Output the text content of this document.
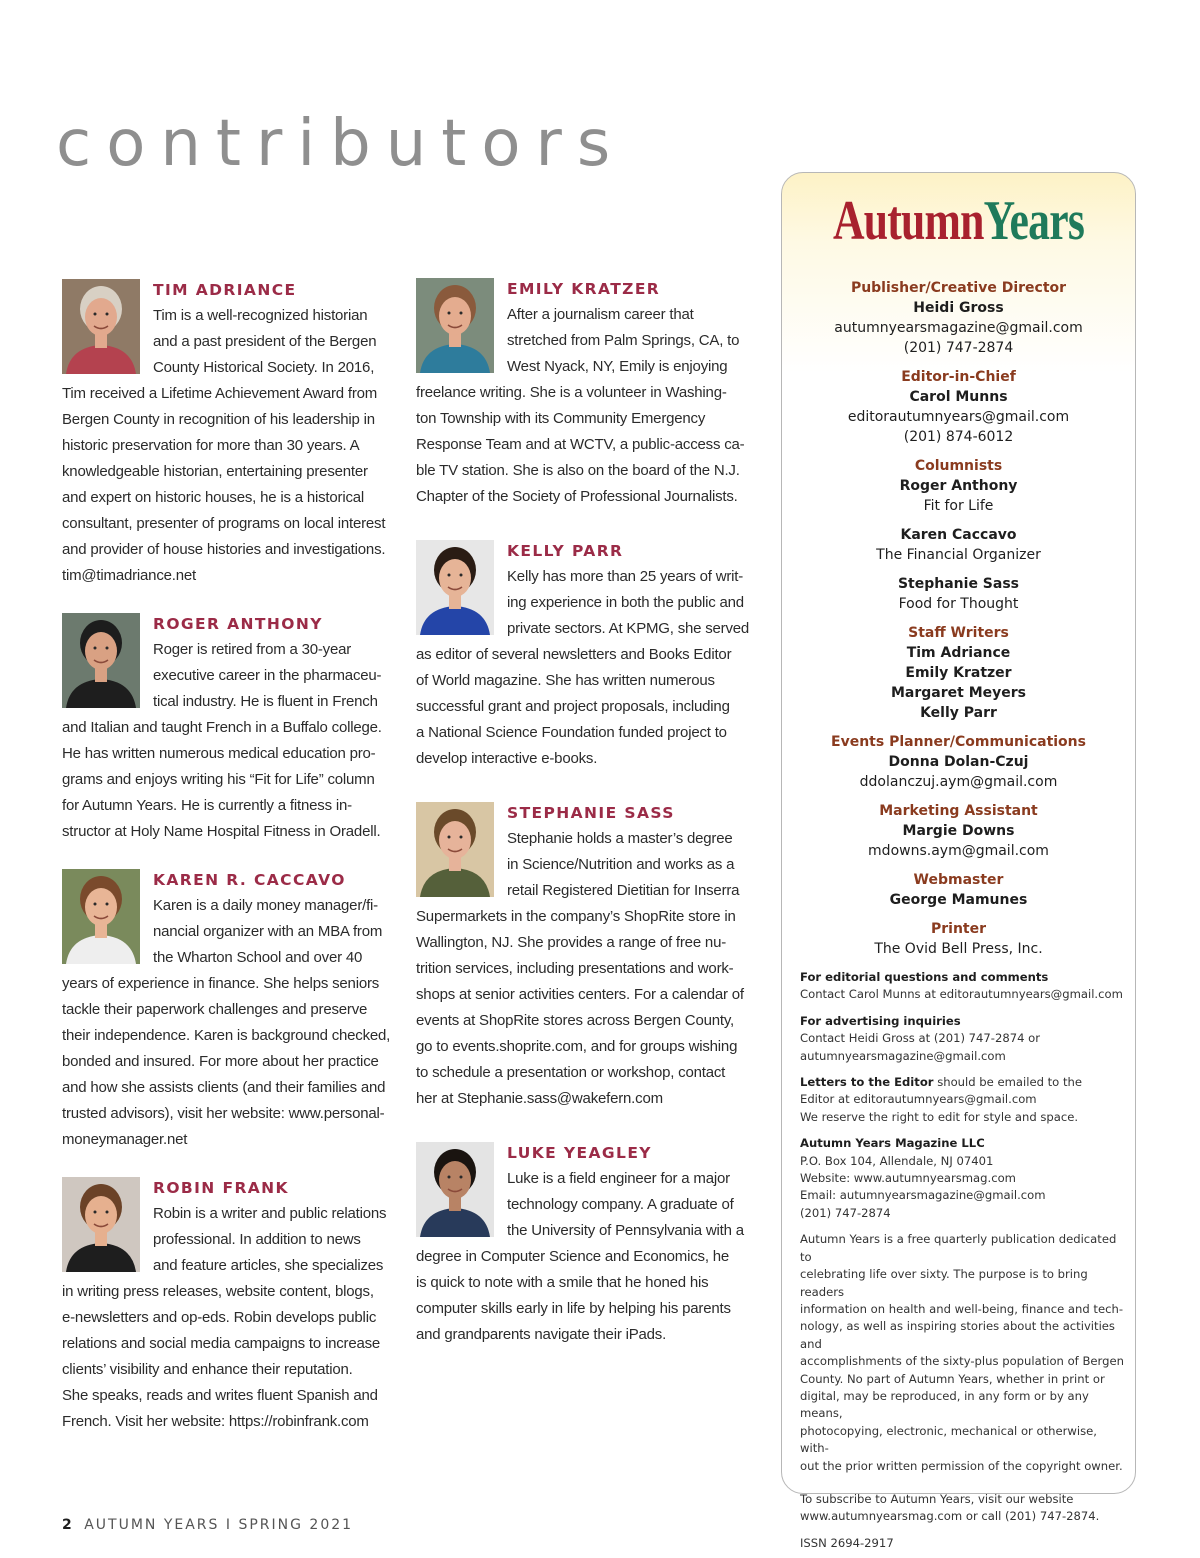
contributors
TIM ADRIANCE

Tim is a well-recognized historian
and a past president of the Bergen
County Historical Society. In 2016,
Tim received a Lifetime Achievement Award from
Bergen County in recognition of his leadership in
historic preservation for more than 30 years. A
knowledgeable historian, entertaining presenter
and expert on historic houses, he is a historical
consultant, presenter of programs on local interest
and provider of house histories and investigations.
tim@timadriance.net

ROGER ANTHONY

Roger is retired from a 30-year
executive career in the pharmaceu-
tical industry. He is fluent in French
and Italian and taught French in a Buffalo college.
He has written numerous medical education pro-
grams and enjoys writing his “Fit for Life” column
for Autumn Years. He is currently a fitness in-
structor at Holy Name Hospital Fitness in Oradell.

KAREN R. CACCAVO

Karen is a daily money manager/fi-
nancial organizer with an MBA from
the Wharton School and over 40
years of experience in finance. She helps seniors
tackle their paperwork challenges and preserve
their independence. Karen is background checked,
bonded and insured. For more about her practice
and how she assists clients (and their families and
trusted advisors), visit her website: www.personal-
moneymanager.net

ROBIN FRANK

Robin is a writer and public relations
professional. In addition to news
and feature articles, she specializes
in writing press releases, website content, blogs,
e-newsletters and op-eds. Robin develops public
relations and social media campaigns to increase
clients’ visibility and enhance their reputation.
She speaks, reads and writes fluent Spanish and
French. Visit her website: https://robinfrank.com

EMILY KRATZER

After a journalism career that
stretched from Palm Springs, CA, to
West Nyack, NY, Emily is enjoying
freelance writing. She is a volunteer in Washing-
ton Township with its Community Emergency
Response Team and at WCTV, a public-access ca-
ble TV station. She is also on the board of the N.J.
Chapter of the Society of Professional Journalists.

KELLY PARR

Kelly has more than 25 years of writ-
ing experience in both the public and
private sectors. At KPMG, she served
as editor of several newsletters and Books Editor
of World magazine. She has written numerous
successful grant and project proposals, including
a National Science Foundation funded project to
develop interactive e-books.

STEPHANIE SASS

Stephanie holds a master’s degree
in Science/Nutrition and works as a
retail Registered Dietitian for Inserra
Supermarkets in the company’s ShopRite store in
Wallington, NJ. She provides a range of free nu-
trition services, including presentations and work-
shops at senior activities centers. For a calendar of
events at ShopRite stores across Bergen County,
go to events.shoprite.com, and for groups wishing
to schedule a presentation or workshop, contact
her at Stephanie.sass@wakefern.com

LUKE YEAGLEY

Luke is a field engineer for a major
technology company. A graduate of
the University of Pennsylvania with a
degree in Computer Science and Economics, he
is quick to note with a smile that he honed his
computer skills early in life by helping his parents
and grandparents navigate their iPads.

AutumnYears
Publisher/Creative Director
Heidi Gross
autumnyearsmagazine@gmail.com
(201) 747-2874
Editor-in-Chief
Carol Munns
editorautumnyears@gmail.com
(201) 874-6012
Columnists
Roger Anthony
Fit for Life
Karen Caccavo
The Financial Organizer
Stephanie Sass
Food for Thought
Staff Writers
Tim Adriance
Emily Kratzer
Margaret Meyers
Kelly Parr
Events Planner/Communications
Donna Dolan-Czuj
ddolanczuj.aym@gmail.com
Marketing Assistant
Margie Downs
mdowns.aym@gmail.com
Webmaster
George Mamunes
Printer
The Ovid Bell Press, Inc.
For editorial questions and comments
Contact Carol Munns at editorautumnyears@gmail.com
For advertising inquiries
Contact Heidi Gross at (201) 747-2874 or
autumnyearsmagazine@gmail.com
Letters to the Editor should be emailed to the
Editor at editorautumnyears@gmail.com
We reserve the right to edit for style and space.
Autumn Years Magazine LLC
P.O. Box 104, Allendale, NJ 07401
Website: www.autumnyearsmag.com
Email: autumnyearsmagazine@gmail.com
(201) 747-2874
Autumn Years is a free quarterly publication dedicated to
celebrating life over sixty. The purpose is to bring readers
information on health and well-being, finance and tech-
nology, as well as inspiring stories about the activities and
accomplishments of the sixty-plus population of Bergen
County. No part of Autumn Years, whether in print or
digital, may be reproduced, in any form or by any means,
photocopying, electronic, mechanical or otherwise, with-
out the prior written permission of the copyright owner.
To subscribe to Autumn Years, visit our website
www.autumnyearsmag.com or call (201) 747-2874.
ISSN 2694-2917
2 AUTUMN YEARS I SPRING 2021
